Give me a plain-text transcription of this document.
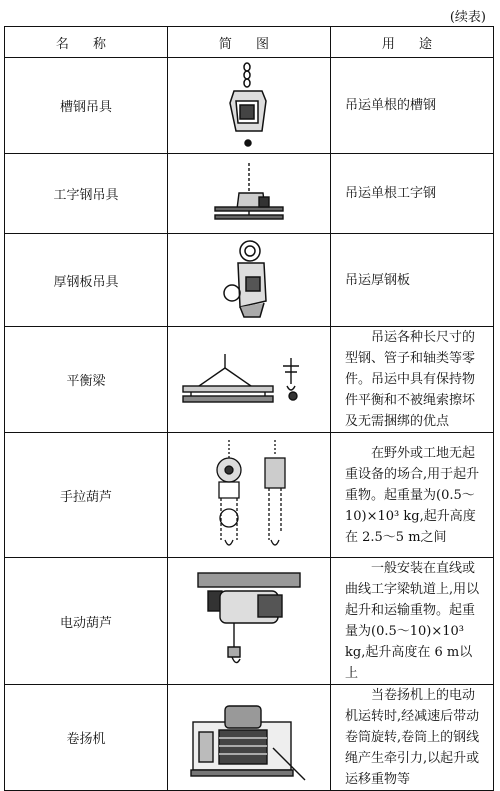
(续表)
名 称	简 图	用 途
槽钢吊具		吊运单根的槽钢
工字钢吊具		吊运单根工字钢
厚钢板吊具		吊运厚钢板
平衡梁		吊运各种长尺寸的型钢、管子和轴类等零件。吊运中具有保持物件平衡和不被绳索擦坏及无需捆绑的优点

手拉葫芦		在野外或工地无起重设备的场合,用于起升重物。起重量为(0.5～10)×10³ kg,起升高度在 2.5～5 m之间

电动葫芦		一般安装在直线或曲线工字梁轨道上,用以起升和运输重物。起重量为(0.5～10)×10³ kg,起升高度在 6 m以上

卷扬机		当卷扬机上的电动机运转时,经减速后带动卷筒旋转,卷筒上的钢线绳产生牵引力,以起升或运移重物等
